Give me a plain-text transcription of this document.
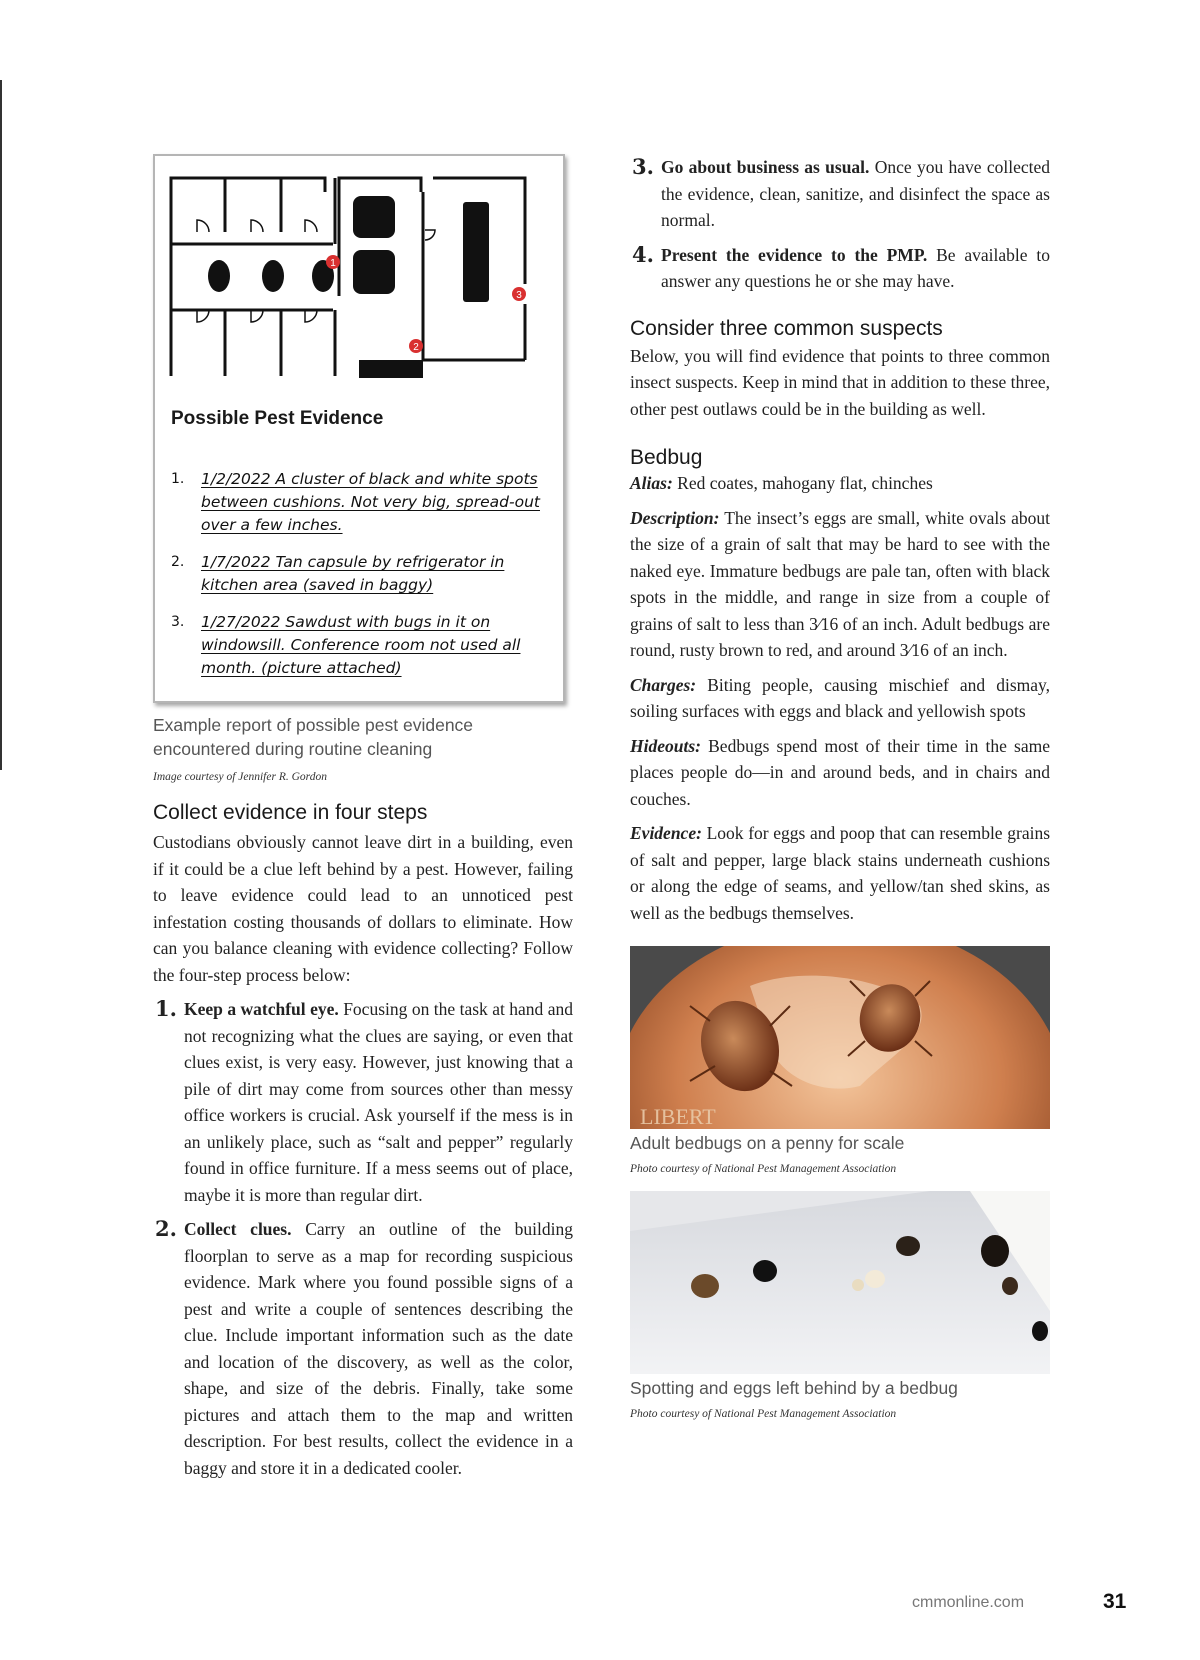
1
2
3
Possible Pest Evidence
1. 1/2/2022 A cluster of black and white spots between cushions. Not very big, spread-out over a few inches.
2. 1/7/2022 Tan capsule by refrigerator in kitchen area (saved in baggy)
3. 1/27/2022 Sawdust with bugs in it on windowsill. Conference room not used all month. (picture attached)
Example report of possible pest evidence encountered during routine cleaning
Image courtesy of Jennifer R. Gordon
Collect evidence in four steps

Custodians obviously cannot leave dirt in a building, even if it could be a clue left behind by a pest. However, failing to leave evidence could lead to an unnoticed pest infestation costing thousands of dollars to eliminate. How can you balance cleaning with evidence collecting? Follow the four-step process below:

1. Keep a watchful eye. Focusing on the task at hand and not recognizing what the clues are saying, or even that clues exist, is very easy. However, just knowing that a pile of dirt may come from sources other than messy office workers is crucial. Ask yourself if the mess is in an unlikely place, such as “salt and pepper” regularly found in office furniture. If a mess seems out of place, maybe it is more than regular dirt.
2. Collect clues. Carry an outline of the building floorplan to serve as a map for recording suspicious evidence. Mark where you found possible signs of a pest and write a couple of sentences describing the clue. Include important information such as the date and location of the discovery, as well as the color, shape, and size of the debris. Finally, take some pictures and attach them to the map and written description. For best results, collect the evidence in a baggy and store it in a dedicated cooler.
3. Go about business as usual. Once you have collected the evidence, clean, sanitize, and disinfect the space as normal.
4. Present the evidence to the PMP. Be available to answer any questions he or she may have.
Consider three common suspects

Below, you will find evidence that points to three common insect suspects. Keep in mind that in addition to these three, other pest outlaws could be in the building as well.

Bedbug
Alias: Red coates, mahogany flat, chinches
Description: The insect’s eggs are small, white ovals about the size of a grain of salt that may be hard to see with the naked eye. Immature bedbugs are pale tan, often with black spots in the middle, and range in size from a couple of grains of salt to less than 3⁄16 of an inch. Adult bedbugs are round, rusty brown to red, and around 3⁄16 of an inch.
Charges: Biting people, causing mischief and dismay, soiling surfaces with eggs and black and yellowish spots
Hideouts: Bedbugs spend most of their time in the same places people do—in and around beds, and in chairs and couches.
Evidence: Look for eggs and poop that can resemble grains of salt and pepper, large black stains underneath cushions or along the edge of seams, and yellow/tan shed skins, as well as the bedbugs themselves.
LIBERT
Adult bedbugs on a penny for scale
Photo courtesy of National Pest Management Association
Spotting and eggs left behind by a bedbug
Photo courtesy of National Pest Management Association
cmmonline.com	31
